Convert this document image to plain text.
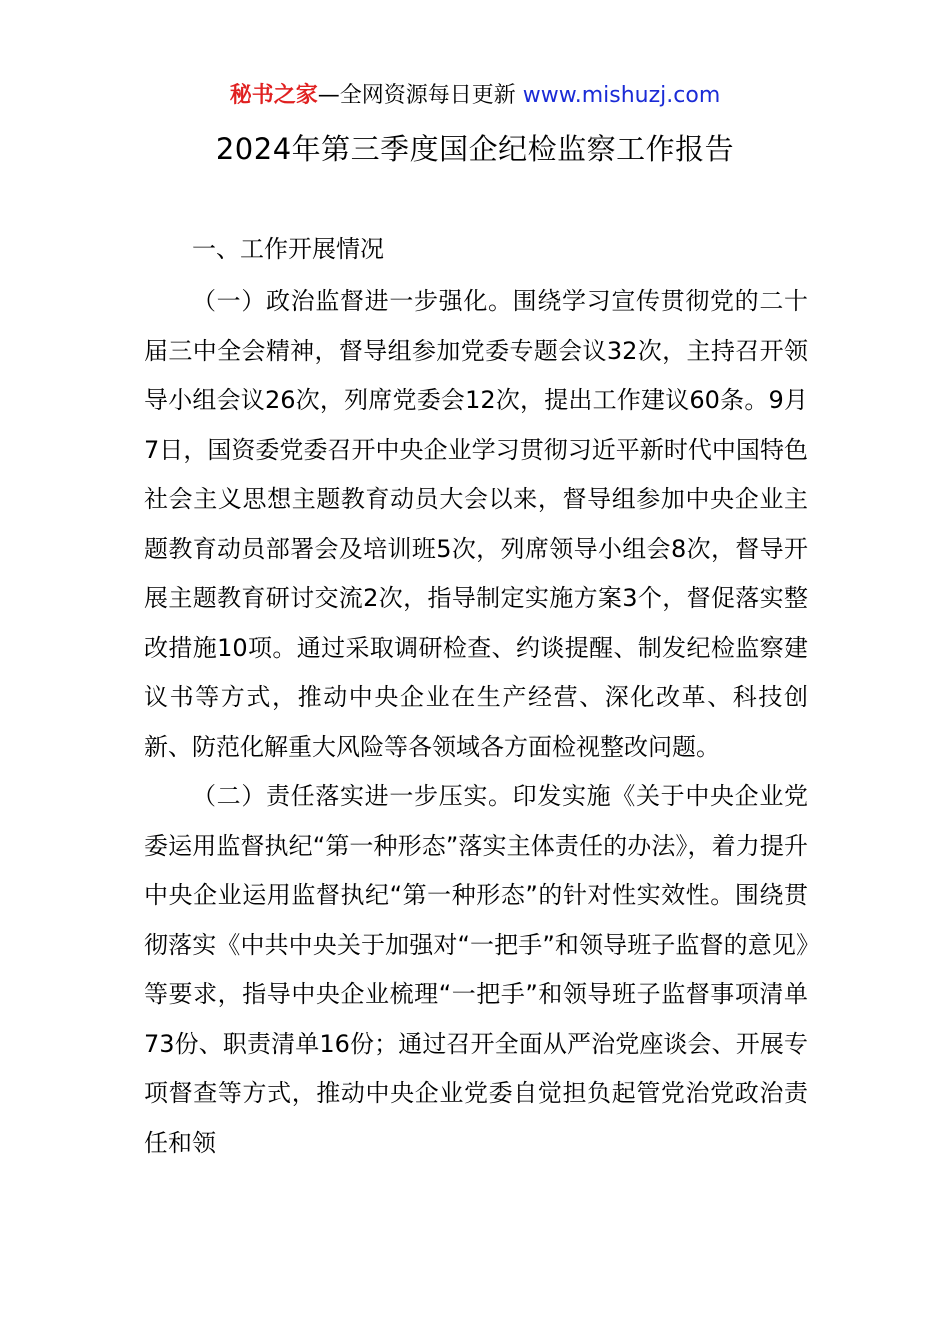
秘书之家—全网资源每日更新 www.mishuzj.com
2024年第三季度国企纪检监察工作报告

一、工作开展情况

（一）政治监督进一步强化。围绕学习宣传贯彻党的二十届三中全会精神，督导组参加党委专题会议32次，主持召开领导小组会议26次，列席党委会12次，提出工作建议60条。9月7日，国资委党委召开中央企业学习贯彻习近平新时代中国特色社会主义思想主题教育动员大会以来，督导组参加中央企业主题教育动员部署会及培训班5次，列席领导小组会8次，督导开展主题教育研讨交流2次，指导制定实施方案3个，督促落实整改措施10项。通过采取调研检查、约谈提醒、制发纪检监察建议书等方式，推动中央企业在生产经营、深化改革、科技创新、防范化解重大风险等各领域各方面检视整改问题。

（二）责任落实进一步压实。印发实施《关于中央企业党委运用监督执纪“第一种形态”落实主体责任的办法》，着力提升中央企业运用监督执纪“第一种形态”的针对性实效性。围绕贯彻落实《中共中央关于加强对“一把手”和领导班子监督的意见》等要求，指导中央企业梳理“一把手”和领导班子监督事项清单73份、职责清单16份；通过召开全面从严治党座谈会、开展专项督查等方式，推动中央企业党委自觉担负起管党治党政治责任和领
